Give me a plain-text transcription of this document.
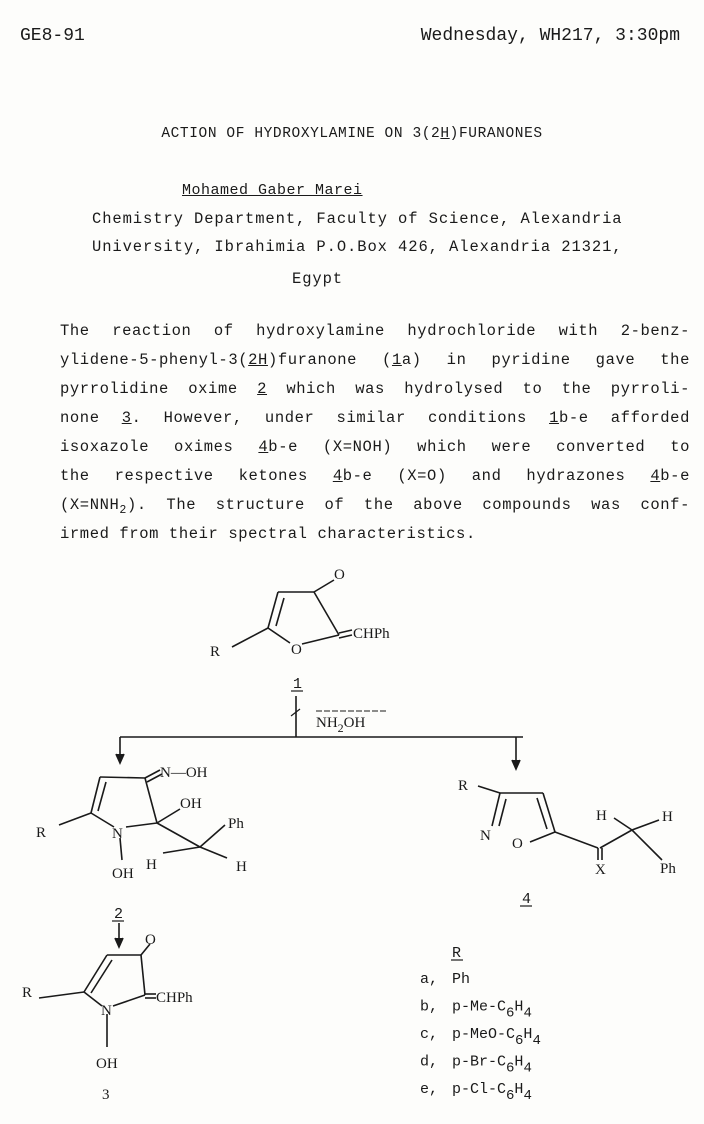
GE8-91	Wednesday, WH217, 3:30pm
ACTION OF HYDROXYLAMINE ON 3(2H)FURANONES
Mohamed Gaber Marei
Chemistry Department, Faculty of Science, Alexandria
University, Ibrahimia P.O.Box 426, Alexandria 21321,
Egypt
The reaction of hydroxylamine hydrochloride with 2-benz-
ylidene-5-phenyl-3(2H)furanone (1a) in pyridine gave the
pyrrolidine oxime 2 which was hydrolysed to the pyrroli-
none 3. However, under similar conditions 1b-e afforded
isoxazole oximes 4b-e (X=NOH) which were converted to
the respective ketones 4b-e (X=O) and hydrazones 4b-e
$(X=NNH_2)$. The structure of the above compounds was conf-
irmed from their spectral characteristics.
O
O
CHPh
R
1
$NH_2OH$
N—OH
OH
N
OH
R
Ph
H	H
R
N O
X
H	H
Ph
4
2
O
CHPh
N
R
OH
3
R
a, Ph
b, p-Me-C6H4
c, p-MeO-C6H4
d, p-Br-C6H4
e, p-Cl-C6H4
